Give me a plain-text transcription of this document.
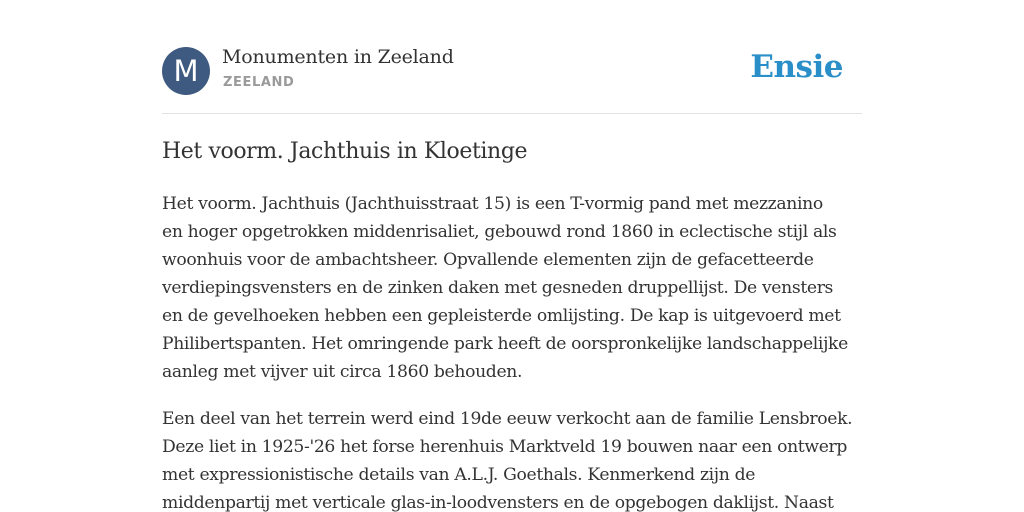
M	Monumenten in Zeeland
ZEELAND	Ensie
Het voorm. Jachthuis in Kloetinge

Het voorm. Jachthuis (Jachthuisstraat 15) is een T-vormig pand met mezzanino
en hoger opgetrokken middenrisaliet, gebouwd rond 1860 in eclectische stijl als
woonhuis voor de ambachtsheer. Opvallende elementen zijn de gefacetteerde
verdiepingsvensters en de zinken daken met gesneden druppellijst. De vensters
en de gevelhoeken hebben een gepleisterde omlijsting. De kap is uitgevoerd met
Philibertspanten. Het omringende park heeft de oorspronkelijke landschappelijke
aanleg met vijver uit circa 1860 behouden.

Een deel van het terrein werd eind 19de eeuw verkocht aan de familie Lensbroek.
Deze liet in 1925-'26 het forse herenhuis Marktveld 19 bouwen naar een ontwerp
met expressionistische details van A.L.J. Goethals. Kenmerkend zijn de
middenpartij met verticale glas-in-loodvensters en de opgebogen daklijst. Naast
